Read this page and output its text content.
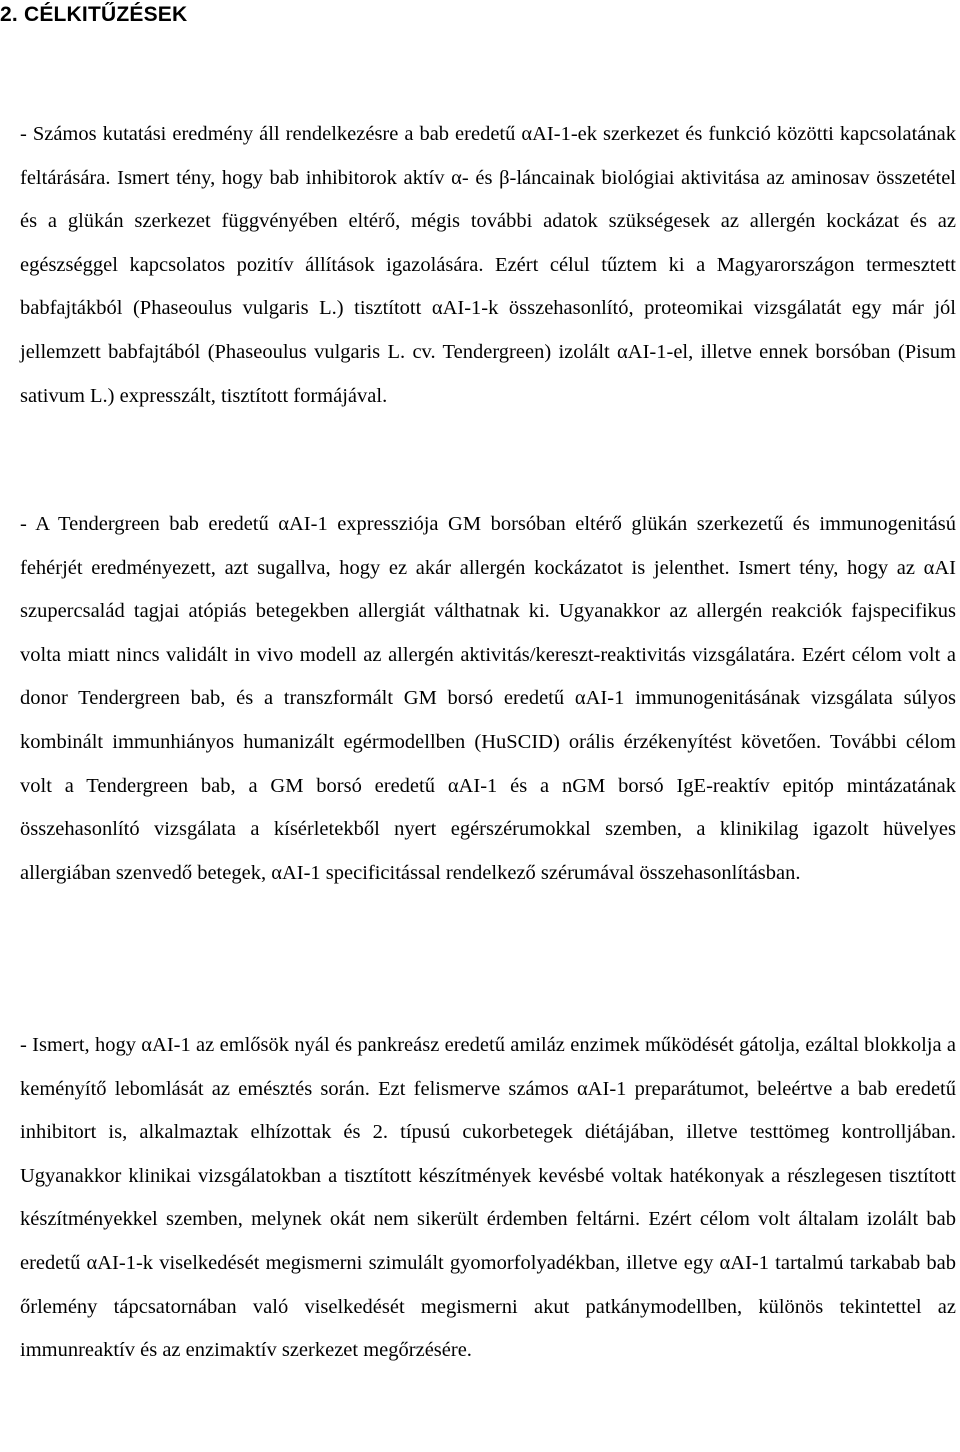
2. CÉLKITŰZÉSEK

- Számos kutatási eredmény áll rendelkezésre a bab eredetű αAI-1-ek szerkezet és funkció közötti kapcsolatának feltárására. Ismert tény, hogy bab inhibitorok aktív α- és β-láncainak biológiai aktivitása az aminosav összetétel és a glükán szerkezet függvényében eltérő, mégis további adatok szükségesek az allergén kockázat és az egészséggel kapcsolatos pozitív állítások igazolására. Ezért célul tűztem ki a Magyarországon termesztett babfajtákból (Phaseoulus vulgaris L.) tisztított αAI-1-k összehasonlító, proteomikai vizsgálatát egy már jól jellemzett babfajtából (Phaseoulus vulgaris L. cv. Tendergreen) izolált αAI-1-el, illetve ennek borsóban (Pisum sativum L.) expresszált, tisztított formájával.

- A Tendergreen bab eredetű αAI-1 expressziója GM borsóban eltérő glükán szerkezetű és immunogenitású fehérjét eredményezett, azt sugallva, hogy ez akár allergén kockázatot is jelenthet. Ismert tény, hogy az αAI szupercsalád tagjai atópiás betegekben allergiát válthatnak ki. Ugyanakkor az allergén reakciók fajspecifikus volta miatt nincs validált in vivo modell az allergén aktivitás/kereszt-reaktivitás vizsgálatára. Ezért célom volt a donor Tendergreen bab, és a transzformált GM borsó eredetű αAI-1 immunogenitásának vizsgálata súlyos kombinált immunhiányos humanizált egérmodellben (HuSCID) orális érzékenyítést követően. További célom volt a Tendergreen bab, a GM borsó eredetű αAI-1 és a nGM borsó IgE-reaktív epitóp mintázatának összehasonlító vizsgálata a kísérletekből nyert egérszérumokkal szemben, a klinikilag igazolt hüvelyes allergiában szenvedő betegek, αAI-1 specificitással rendelkező szérumával összehasonlításban.

- Ismert, hogy αAI-1 az emlősök nyál és pankreász eredetű amiláz enzimek működését gátolja, ezáltal blokkolja a keményítő lebomlását az emésztés során. Ezt felismerve számos αAI-1 preparátumot, beleértve a bab eredetű inhibitort is, alkalmaztak elhízottak és 2. típusú cukorbetegek diétájában, illetve testtömeg kontrolljában. Ugyanakkor klinikai vizsgálatokban a tisztított készítmények kevésbé voltak hatékonyak a részlegesen tisztított készítményekkel szemben, melynek okát nem sikerült érdemben feltárni. Ezért célom volt általam izolált bab eredetű αAI-1-k viselkedését megismerni szimulált gyomorfolyadékban, illetve egy αAI-1 tartalmú tarkabab bab őrlemény tápcsatornában való viselkedését megismerni akut patkánymodellben, különös tekintettel az immunreaktív és az enzimaktív szerkezet megőrzésére.
